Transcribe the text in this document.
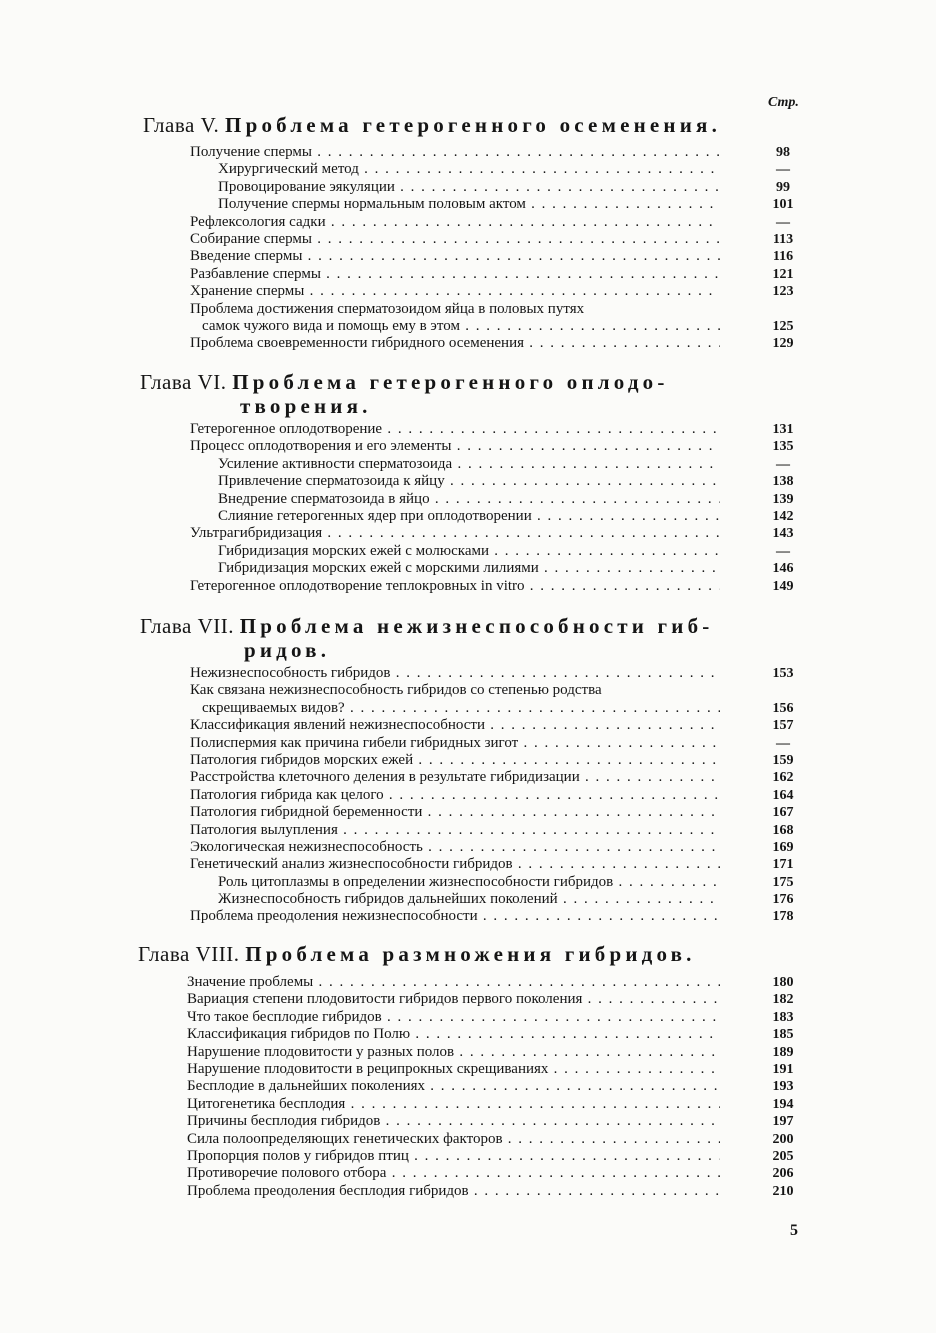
Стр.
Глава V. Проблема гетерогенного осеменения.
Получение спермы . . .	98
Хирургический метод . . .	—
Провоцирование эякуляции . . .	99
Получение спермы нормальным половым актом . . .	101
Рефлексология садки . . .	—
Собирание спермы . . .	113
Введение спермы . . .	116
Разбавление спермы . . .	121
Хранение спермы . . .	123
Проблема достижения сперматозоидом яйца в половых путях
самок чужого вида и помощь ему в этом . . .	125
Проблема своевременности гибридного осеменения . . .	129
Глава VI. Проблема гетерогенного оплодо-
творения.
Гетерогенное оплодотворение . . .	131
Процесс оплодотворения и его элементы . . .	135
Усиление активности сперматозоида . . .	—
Привлечение сперматозоида к яйцу . . .	138
Внедрение сперматозоида в яйцо . . .	139
Слияние гетерогенных ядер при оплодотворении . . .	142
Ультрагибридизация . . .	143
Гибридизация морских ежей с молюсками . . .	—
Гибридизация морских ежей с морскими лилиями . . .	146
Гетерогенное оплодотворение теплокровных in vitro . . .	149
Глава VII. Проблема нежизнеспособности гиб-
ридов.
Нежизнеспособность гибридов . . .	153
Как связана нежизнеспособность гибридов со степенью родства
скрещиваемых видов? . . .	156
Классификация явлений нежизнеспособности . . .	157
Полиспермия как причина гибели гибридных зигот . . .	—
Патология гибридов морских ежей . . .	159
Расстройства клеточного деления в результате гибридизации . . .	162
Патология гибрида как целого . . .	164
Патология гибридной беременности . . .	167
Патология вылупления . . .	168
Экологическая нежизнеспособность . . .	169
Генетический анализ жизнеспособности гибридов . . .	171
Роль цитоплазмы в определении жизнеспособности гибридов . . .	175
Жизнеспособность гибридов дальнейших поколений . . .	176
Проблема преодоления нежизнеспособности . . .	178
Глава VIII. Проблема размножения гибридов.
Значение проблемы . . .	180
Вариация степени плодовитости гибридов первого поколения . . .	182
Что такое бесплодие гибридов . . .	183
Классификация гибридов по Полю . . .	185
Нарушение плодовитости у разных полов . . .	189
Нарушение плодовитости в реципрокных скрещиваниях . . .	191
Бесплодие в дальнейших поколениях . . .	193
Цитогенетика бесплодия . . .	194
Причины бесплодия гибридов . . .	197
Сила полоопределяющих генетических факторов . . .	200
Пропорция полов у гибридов птиц . . .	205
Противоречие полового отбора . . .	206
Проблема преодоления бесплодия гибридов . . .	210
5
